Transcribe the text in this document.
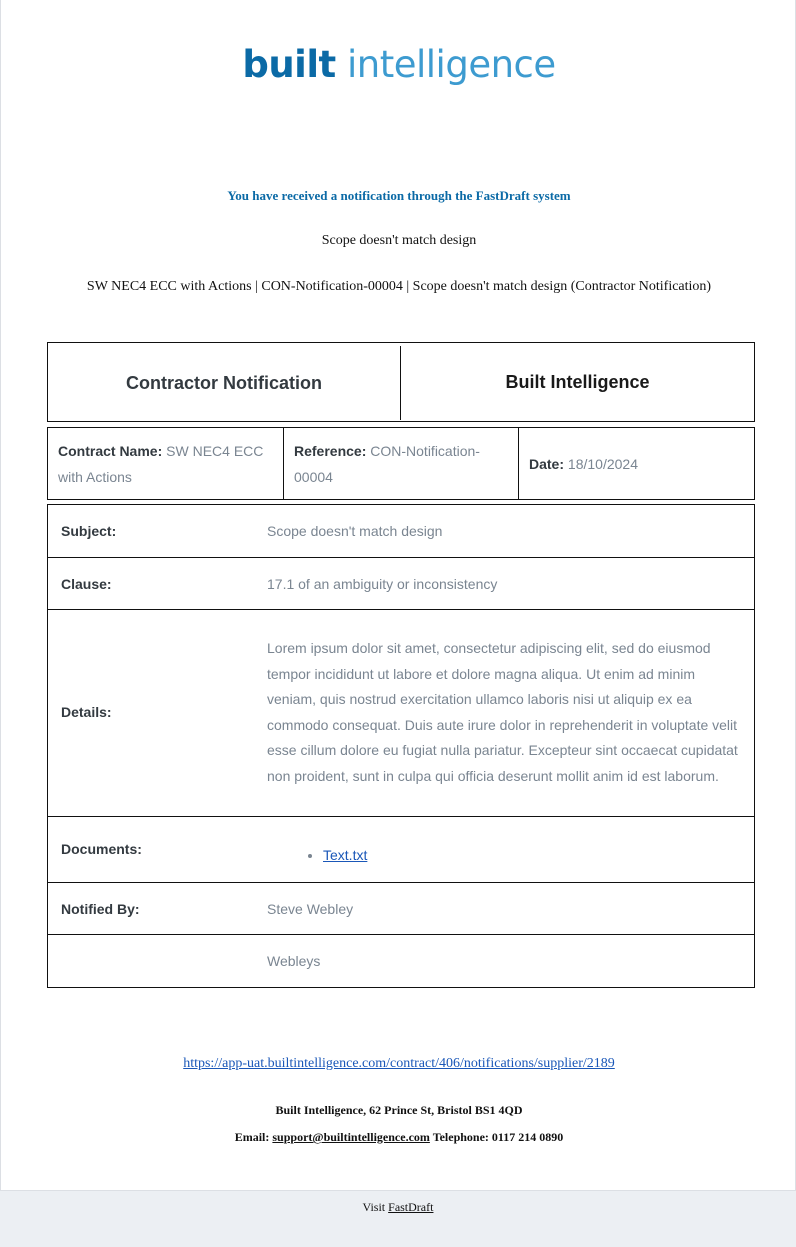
built intelligence
You have received a notification through the FastDraft system
Scope doesn't match design
SW NEC4 ECC with Actions | CON-Notification-00004 | Scope doesn't match design (Contractor Notification)
Contractor Notification	Built Intelligence
Contract Name: SW NEC4 ECC with Actions
Reference: CON-Notification-00004
Date: 18/10/2024
Subject:	Scope doesn't match design
Clause:	17.1 of an ambiguity or inconsistency
Details:
Lorem ipsum dolor sit amet, consectetur adipiscing elit, sed do eiusmod tempor incididunt ut labore et dolore magna aliqua. Ut enim ad minim veniam, quis nostrud exercitation ullamco laboris nisi ut aliquip ex ea commodo consequat. Duis aute irure dolor in reprehenderit in voluptate velit esse cillum dolore eu fugiat nulla pariatur. Excepteur sint occaecat cupidatat non proident, sunt in culpa qui officia deserunt mollit anim id est laborum.
Documents:
•	Text.txt
Notified By:	Steve Webley
Webleys
https://app-uat.builtintelligence.com/contract/406/notifications/supplier/2189
Built Intelligence, 62 Prince St, Bristol BS1 4QD
Email: support@builtintelligence.com Telephone: 0117 214 0890
Visit FastDraft
